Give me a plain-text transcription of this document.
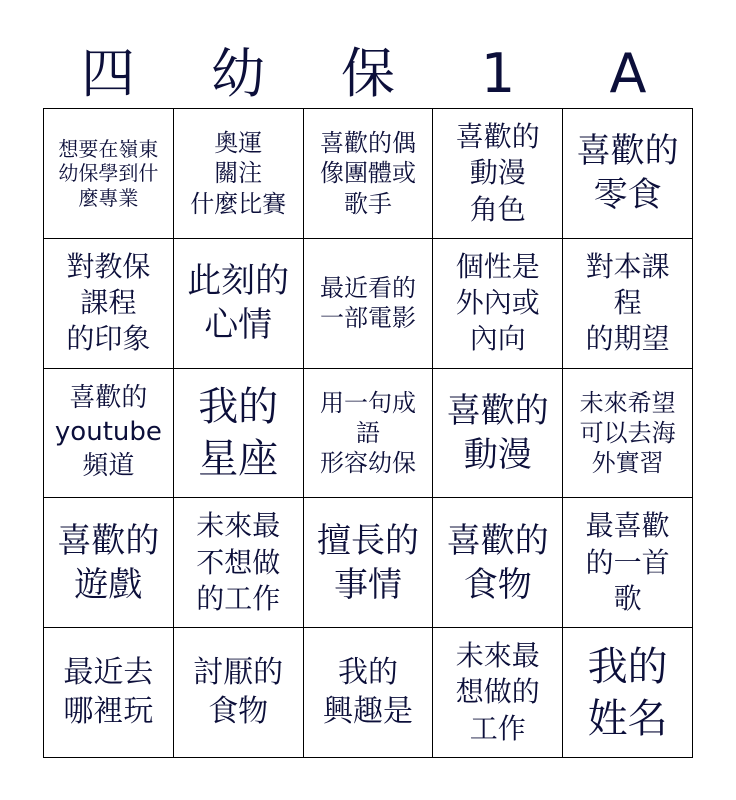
四	幼	保	1	A
想要在嶺東
幼保學到什
麼專業
奧運
關注
什麼比賽
喜歡的偶
像團體或
歌手
喜歡的
動漫
角色
喜歡的
零食
對教保
課程
的印象
此刻的
心情
最近看的
一部電影
個性是
外內或
內向
對本課
程
的期望
喜歡的
youtube
頻道
我的
星座
用一句成
語
形容幼保
喜歡的
動漫
未來希望
可以去海
外實習
喜歡的
遊戲
未來最
不想做
的工作
擅長的
事情
喜歡的
食物
最喜歡
的一首
歌
最近去
哪裡玩
討厭的
食物
我的
興趣是
未來最
想做的
工作
我的
姓名
